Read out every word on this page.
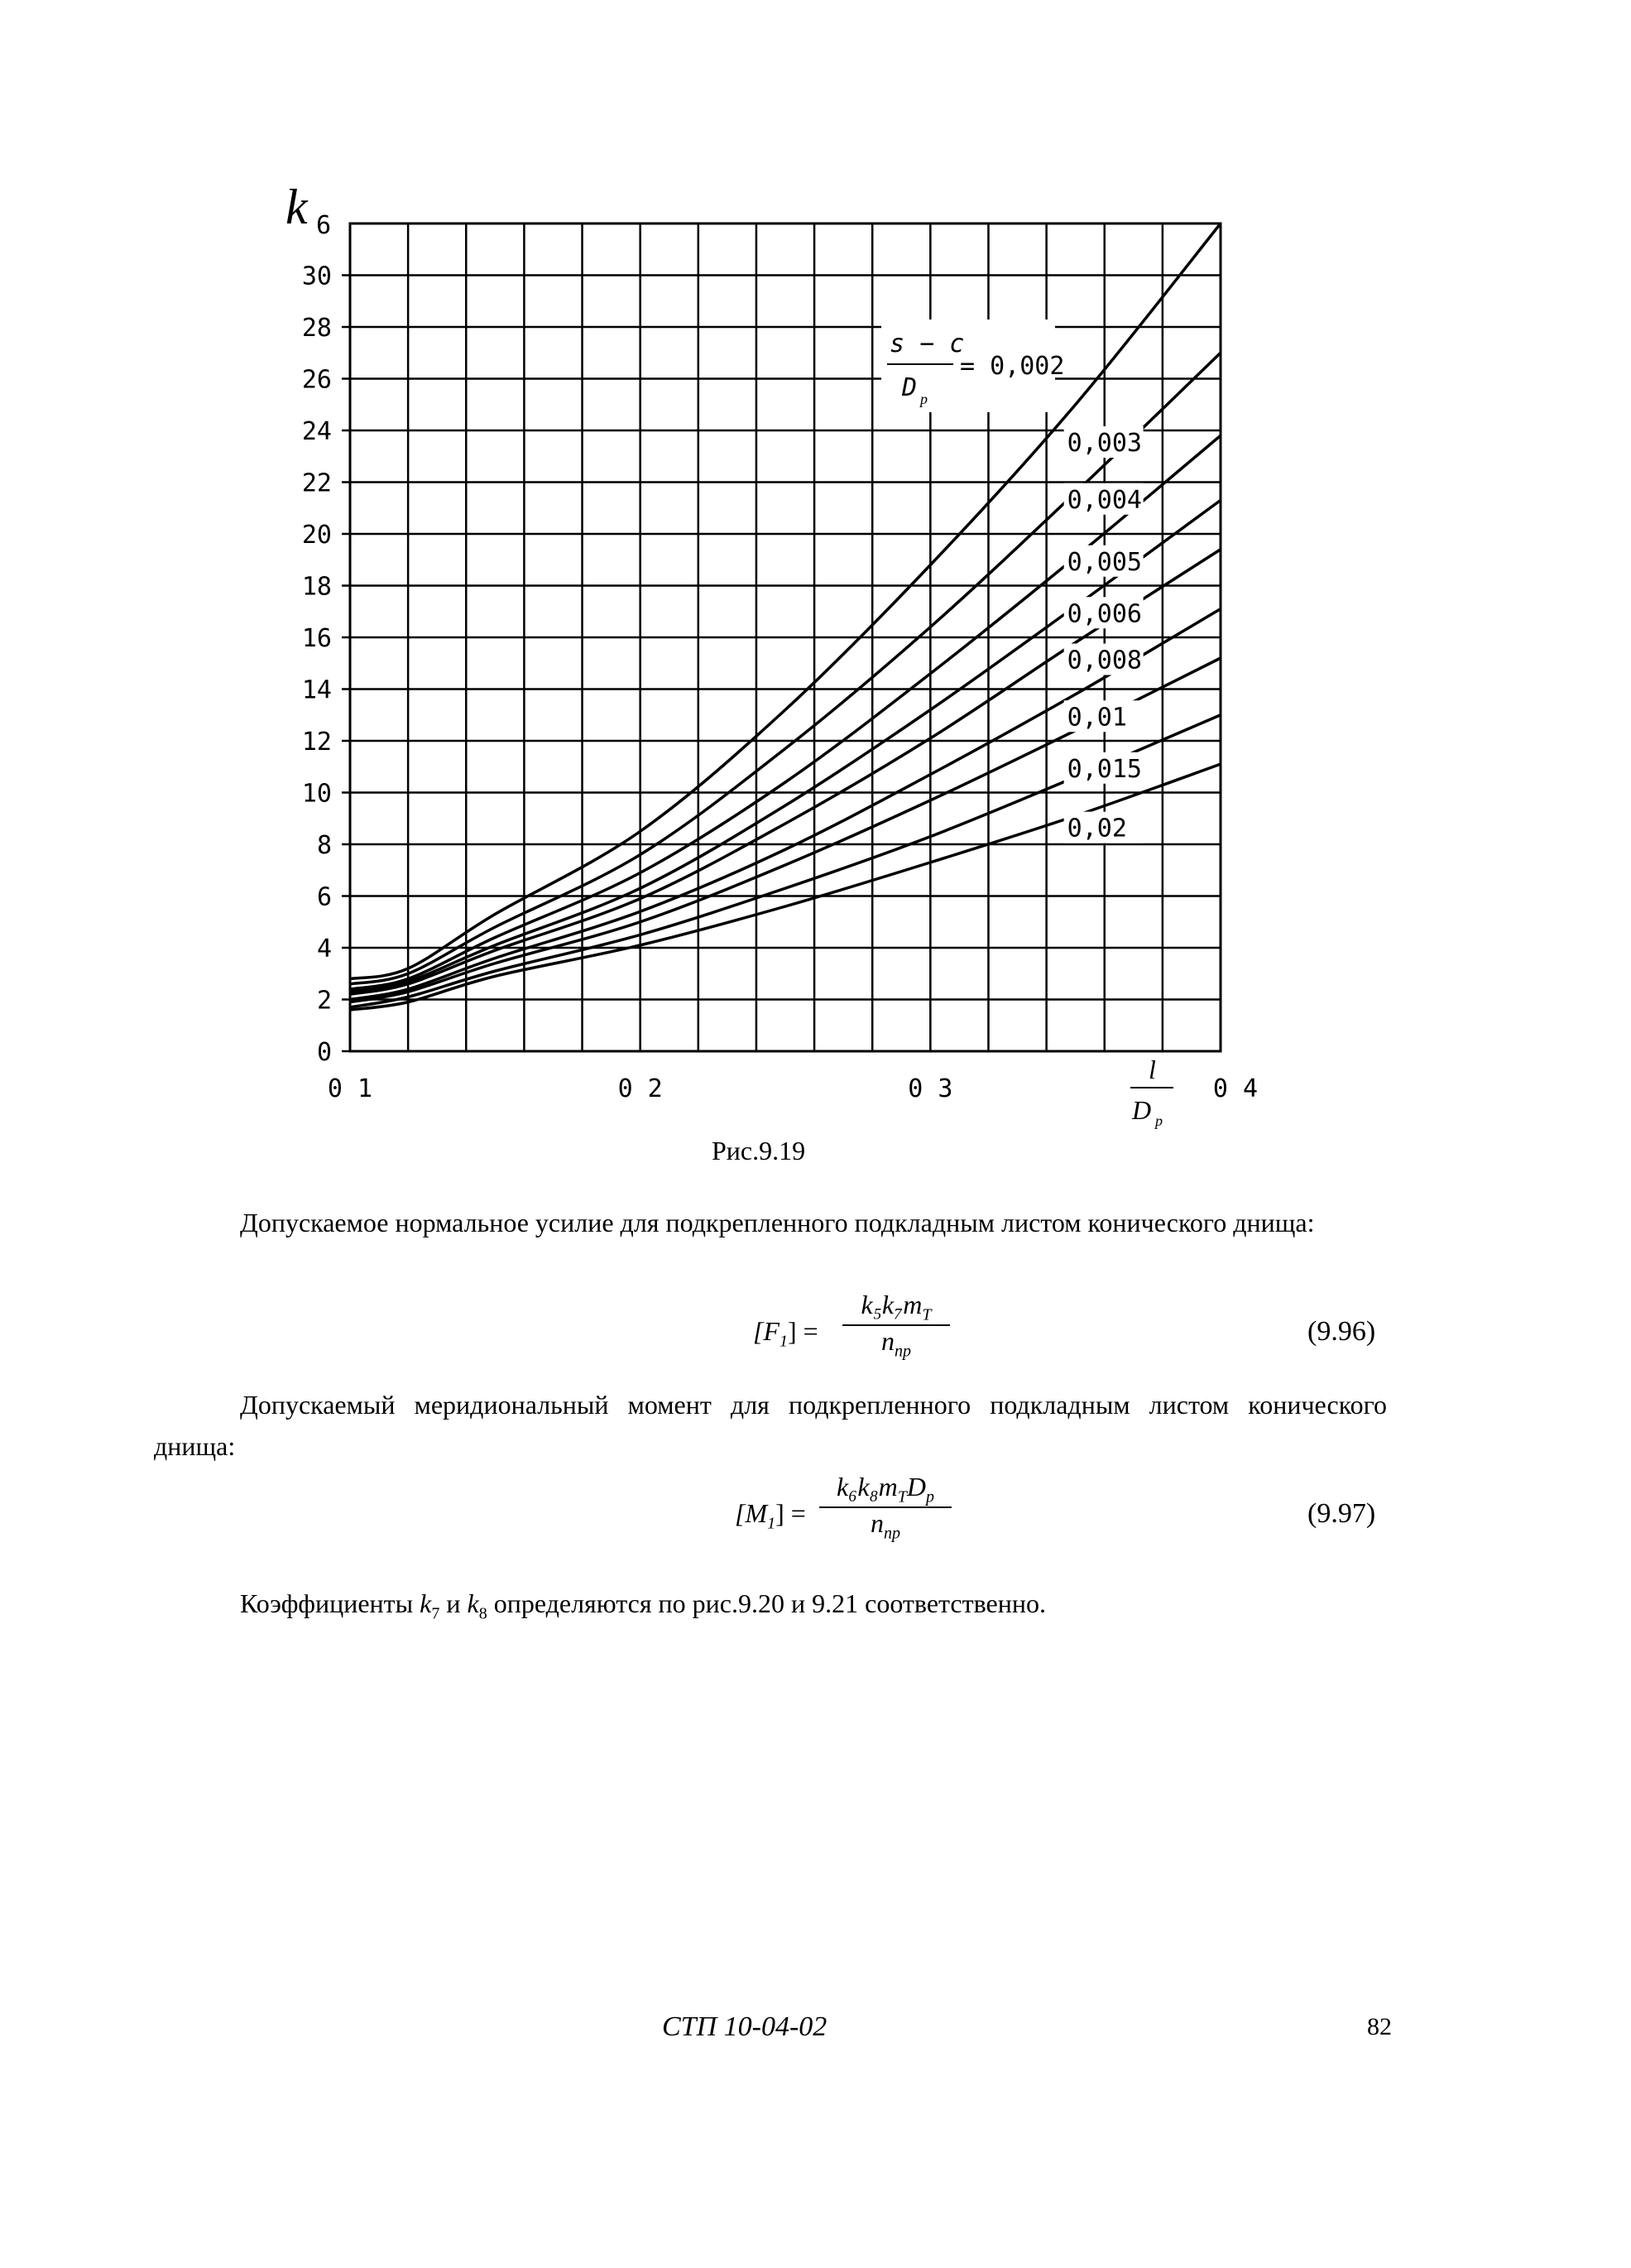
0
2
4
6
8
10
12
14
16
18
20
22
24
26
28
30
0 1	0 2	0 3	0 4
0,003
0,004
0,005
0,006
0,008
0,01
0,015
0,02
k 6
l
D p
s − c
D p
= 0,002
Рис.9.19
Допускаемое нормальное усилие для подкрепленного подкладным листом конического днища:
$[F_1]$ =
$k_5k_7m_T$
$n_{пр}$
(9.96)
Допускаемый меридиональный момент для подкрепленного подкладным листом конического днища:
$[M_1]$ =
$k_6k_8m_TD_p$
$n_{пр}$
(9.97)
Коэффициенты $k_7$ и $k_8$ определяются по рис.9.20 и 9.21 соответственно.
СТП 10-04-02	82
